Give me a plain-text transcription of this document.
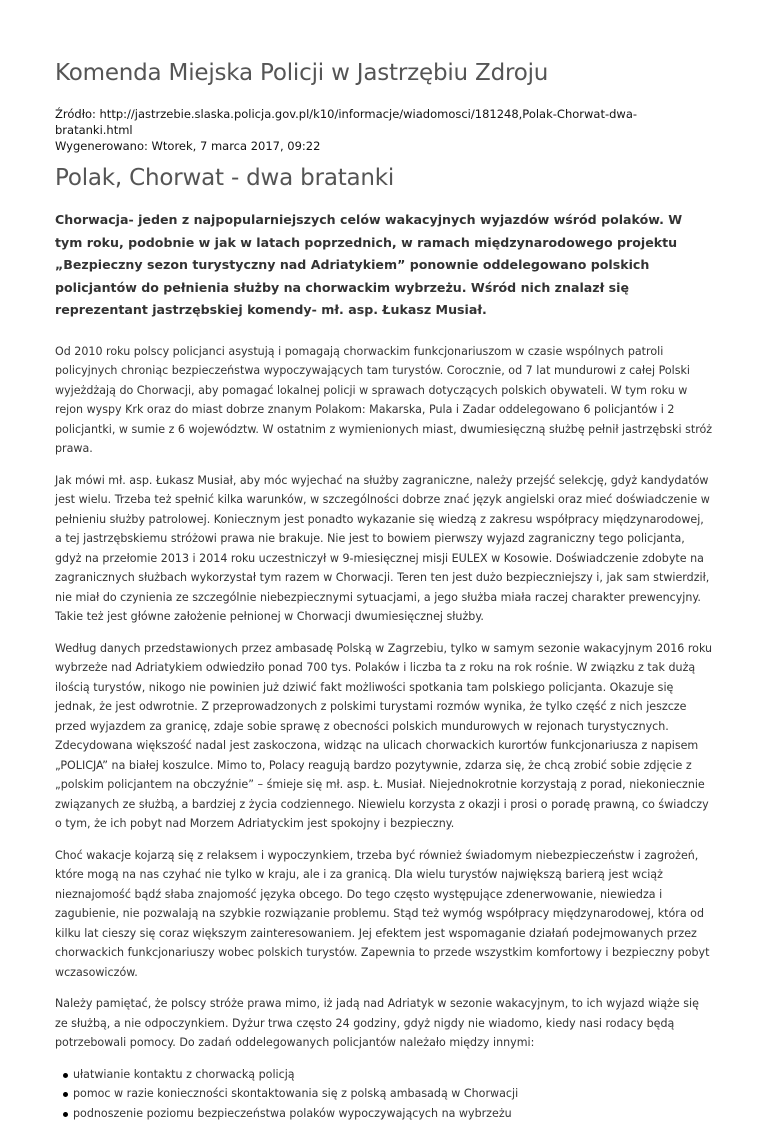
Komenda Miejska Policji w Jastrzębiu Zdroju
Źródło: http://jastrzebie.slaska.policja.gov.pl/k10/informacje/wiadomosci/181248,Polak-Chorwat-dwa-bratanki.html
Wygenerowano: Wtorek, 7 marca 2017, 09:22
Polak, Chorwat - dwa bratanki

Chorwacja- jeden z najpopularniejszych celów wakacyjnych wyjazdów wśród polaków. W tym roku, podobnie w jak w latach poprzednich, w ramach międzynarodowego projektu „Bezpieczny sezon turystyczny nad Adriatykiem” ponownie oddelegowano polskich policjantów do pełnienia służby na chorwackim wybrzeżu. Wśród nich znalazł się reprezentant jastrzębskiej komendy- mł. asp. Łukasz Musiał.

Od 2010 roku polscy policjanci asystują i pomagają chorwackim funkcjonariuszom w czasie wspólnych patroli policyjnych chroniąc bezpieczeństwa wypoczywających tam turystów. Corocznie, od 7 lat mundurowi z całej Polski wyjeżdżają do Chorwacji, aby pomagać lokalnej policji w sprawach dotyczących polskich obywateli. W tym roku w rejon wyspy Krk oraz do miast dobrze znanym Polakom: Makarska, Pula i Zadar oddelegowano 6 policjantów i 2 policjantki, w sumie z 6 województw. W ostatnim z wymienionych miast, dwumiesięczną służbę pełnił jastrzębski stróż prawa.

Jak mówi mł. asp. Łukasz Musiał, aby móc wyjechać na służby zagraniczne, należy przejść selekcję, gdyż kandydatów jest wielu. Trzeba też spełnić kilka warunków, w szczególności dobrze znać język angielski oraz mieć doświadczenie w pełnieniu służby patrolowej. Koniecznym jest ponadto wykazanie się wiedzą z zakresu współpracy międzynarodowej, a tej jastrzębskiemu stróżowi prawa nie brakuje. Nie jest to bowiem pierwszy wyjazd zagraniczny tego policjanta, gdyż na przełomie 2013 i 2014 roku uczestniczył w 9-miesięcznej misji EULEX w Kosowie. Doświadczenie zdobyte na zagranicznych służbach wykorzystał tym razem w Chorwacji. Teren ten jest dużo bezpieczniejszy i, jak sam stwierdził, nie miał do czynienia ze szczególnie niebezpiecznymi sytuacjami, a jego służba miała raczej charakter prewencyjny. Takie też jest główne założenie pełnionej w Chorwacji dwumiesięcznej służby.

Według danych przedstawionych przez ambasadę Polską w Zagrzebiu, tylko w samym sezonie wakacyjnym 2016 roku wybrzeże nad Adriatykiem odwiedziło ponad 700 tys. Polaków i liczba ta z roku na rok rośnie. W związku z tak dużą ilością turystów, nikogo nie powinien już dziwić fakt możliwości spotkania tam polskiego policjanta. Okazuje się jednak, że jest odwrotnie. Z przeprowadzonych z polskimi turystami rozmów wynika, że tylko część z nich jeszcze przed wyjazdem za granicę, zdaje sobie sprawę z obecności polskich mundurowych w rejonach turystycznych. Zdecydowana większość nadal jest zaskoczona, widząc na ulicach chorwackich kurortów funkcjonariusza z napisem „POLICJA” na białej koszulce. Mimo to, Polacy reagują bardzo pozytywnie, zdarza się, że chcą zrobić sobie zdjęcie z „polskim policjantem na obczyźnie” – śmieje się mł. asp. Ł. Musiał. Niejednokrotnie korzystają z porad, niekoniecznie związanych ze służbą, a bardziej z życia codziennego. Niewielu korzysta z okazji i prosi o poradę prawną, co świadczy o tym, że ich pobyt nad Morzem Adriatyckim jest spokojny i bezpieczny.

Choć wakacje kojarzą się z relaksem i wypoczynkiem, trzeba być również świadomym niebezpieczeństw i zagrożeń, które mogą na nas czyhać nie tylko w kraju, ale i za granicą. Dla wielu turystów największą barierą jest wciąż nieznajomość bądź słaba znajomość języka obcego. Do tego często występujące zdenerwowanie, niewiedza i zagubienie, nie pozwalają na szybkie rozwiązanie problemu. Stąd też wymóg współpracy międzynarodowej, która od kilku lat cieszy się coraz większym zainteresowaniem. Jej efektem jest wspomaganie działań podejmowanych przez chorwackich funkcjonariuszy wobec polskich turystów. Zapewnia to przede wszystkim komfortowy i bezpieczny pobyt wczasowiczów.

Należy pamiętać, że polscy stróże prawa mimo, iż jadą nad Adriatyk w sezonie wakacyjnym, to ich wyjazd wiąże się ze służbą, a nie odpoczynkiem. Dyżur trwa często 24 godziny, gdyż nigdy nie wiadomo, kiedy nasi rodacy będą potrzebowali pomocy. Do zadań oddelegowanych policjantów należało między innymi:

ułatwianie kontaktu z chorwacką policją
pomoc w razie konieczności skontaktowania się z polską ambasadą w Chorwacji
podnoszenie poziomu bezpieczeństwa polaków wypoczywających na wybrzeżu
